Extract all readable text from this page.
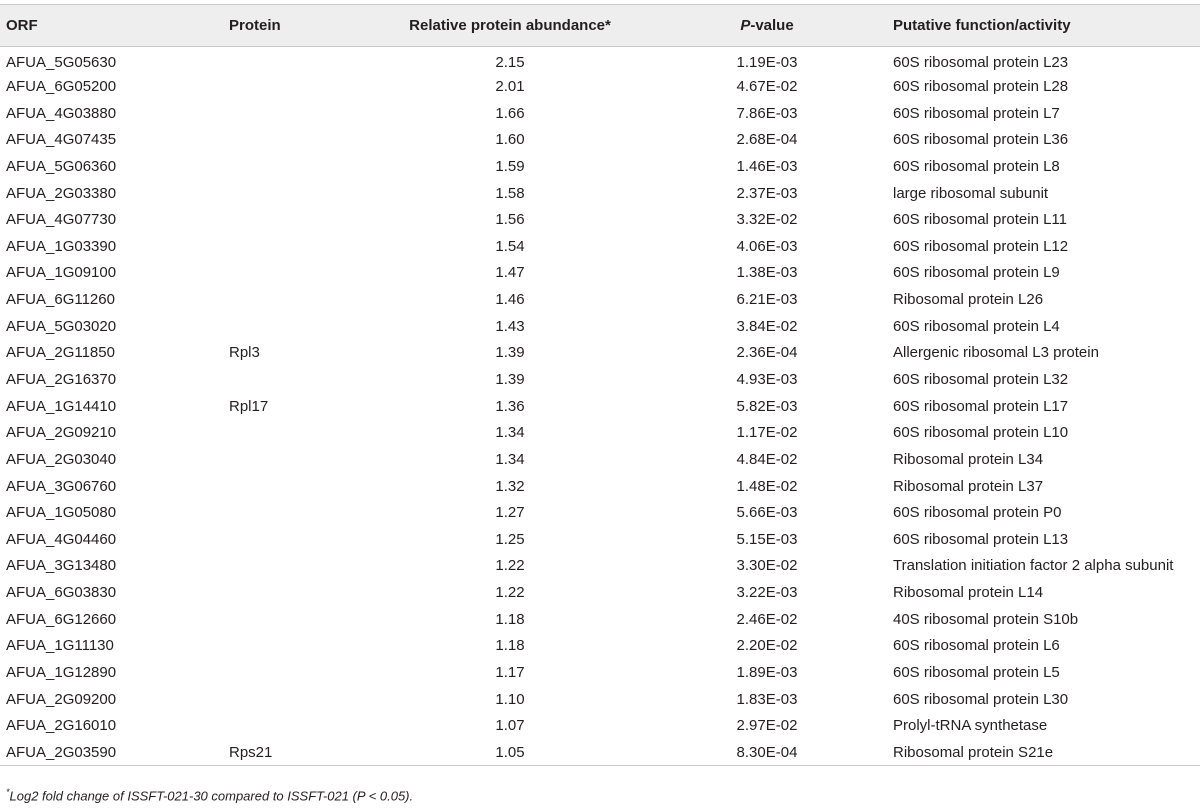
ORF	Protein	Relative protein abundance*	P-value	Putative function/activity
AFUA_5G05630		2.15	1.19E-03	60S ribosomal protein L23
AFUA_6G05200		2.01	4.67E-02	60S ribosomal protein L28
AFUA_4G03880		1.66	7.86E-03	60S ribosomal protein L7
AFUA_4G07435		1.60	2.68E-04	60S ribosomal protein L36
AFUA_5G06360		1.59	1.46E-03	60S ribosomal protein L8
AFUA_2G03380		1.58	2.37E-03	large ribosomal subunit
AFUA_4G07730		1.56	3.32E-02	60S ribosomal protein L11
AFUA_1G03390		1.54	4.06E-03	60S ribosomal protein L12
AFUA_1G09100		1.47	1.38E-03	60S ribosomal protein L9
AFUA_6G11260		1.46	6.21E-03	Ribosomal protein L26
AFUA_5G03020		1.43	3.84E-02	60S ribosomal protein L4
AFUA_2G11850	Rpl3	1.39	2.36E-04	Allergenic ribosomal L3 protein
AFUA_2G16370		1.39	4.93E-03	60S ribosomal protein L32
AFUA_1G14410	Rpl17	1.36	5.82E-03	60S ribosomal protein L17
AFUA_2G09210		1.34	1.17E-02	60S ribosomal protein L10
AFUA_2G03040		1.34	4.84E-02	Ribosomal protein L34
AFUA_3G06760		1.32	1.48E-02	Ribosomal protein L37
AFUA_1G05080		1.27	5.66E-03	60S ribosomal protein P0
AFUA_4G04460		1.25	5.15E-03	60S ribosomal protein L13
AFUA_3G13480		1.22	3.30E-02	Translation initiation factor 2 alpha subunit
AFUA_6G03830		1.22	3.22E-03	Ribosomal protein L14
AFUA_6G12660		1.18	2.46E-02	40S ribosomal protein S10b
AFUA_1G11130		1.18	2.20E-02	60S ribosomal protein L6
AFUA_1G12890		1.17	1.89E-03	60S ribosomal protein L5
AFUA_2G09200		1.10	1.83E-03	60S ribosomal protein L30
AFUA_2G16010		1.07	2.97E-02	Prolyl-tRNA synthetase
AFUA_2G03590	Rps21	1.05	8.30E-04	Ribosomal protein S21e
*Log2 fold change of ISSFT-021-30 compared to ISSFT-021 (P < 0.05).
